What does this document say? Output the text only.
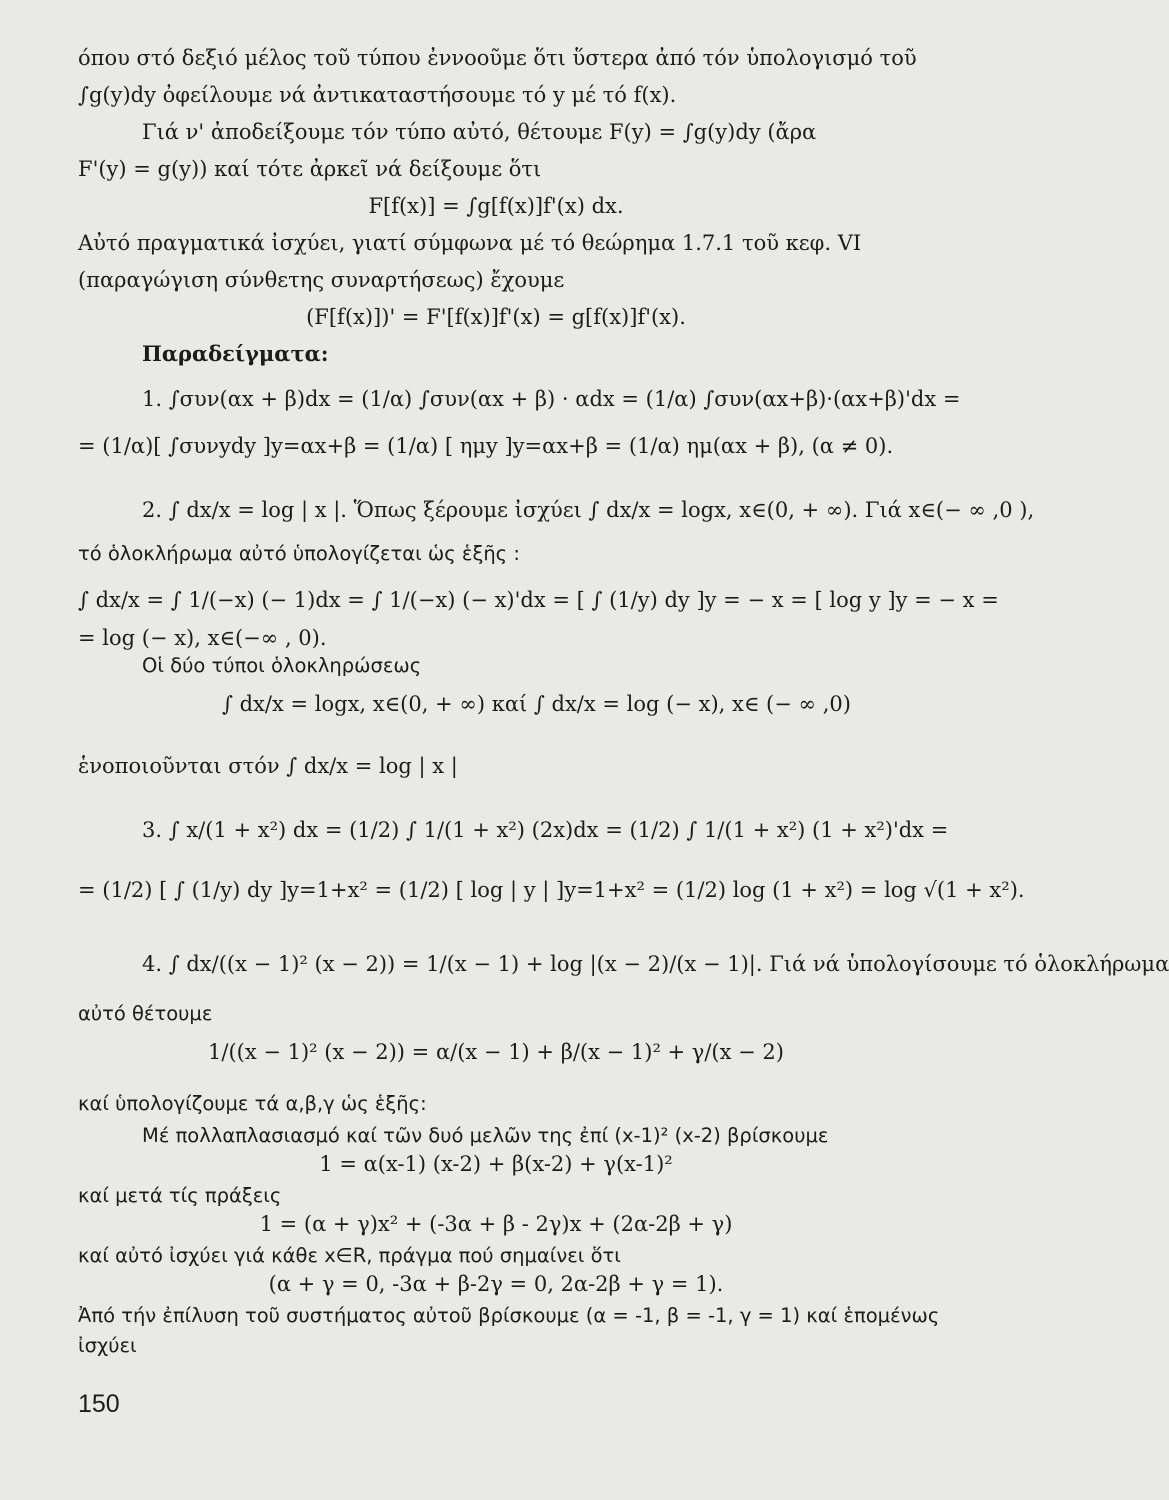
όπου στό δεξιό μέλος τοῦ τύπου ἐννοοῦμε ὅτι ὕστερα ἀπό τόν ὑπολογισμό τοῦ
∫g(y)dy ὀφείλουμε νά ἀντικαταστήσουμε τό y μέ τό f(x).
Γιά ν' ἀποδείξουμε τόν τύπο αὐτό, θέτουμε F(y) = ∫g(y)dy (ἄρα
F'(y) = g(y)) καί τότε ἀρκεῖ νά δείξουμε ὅτι
F[f(x)] = ∫g[f(x)]f'(x) dx.
Αὐτό πραγματικά ἰσχύει, γιατί σύμφωνα μέ τό θεώρημα 1.7.1 τοῦ κεφ. VI
(παραγώγιση σύνθετης συναρτήσεως) ἔχουμε
(F[f(x)])' = F'[f(x)]f'(x) = g[f(x)]f'(x).
Παραδείγματα:
1. ∫συν(αx + β)dx = (1/α) ∫συν(αx + β) · αdx = (1/α) ∫συν(αx+β)·(αx+β)'dx =
= (1/α)[ ∫συνydy ]y=αx+β = (1/α) [ ημy ]y=αx+β = (1/α) ημ(αx + β), (α ≠ 0).
2. ∫ dx/x = log | x |. Ὅπως ξέρουμε ἰσχύει ∫ dx/x = logx, x∈(0, + ∞). Γιά x∈(− ∞ ,0 ),
τό ὁλοκλήρωμα αὐτό ὑπολογίζεται ὡς ἑξῆς :
∫ dx/x = ∫ 1/(−x) (− 1)dx = ∫ 1/(−x) (− x)'dx = [ ∫ (1/y) dy ]y = − x = [ log y ]y = − x =
= log (− x), x∈(−∞ , 0).
Οἱ δύο τύποι ὁλοκληρώσεως
∫ dx/x = logx, x∈(0, + ∞) καί ∫ dx/x = log (− x), x∈ (− ∞ ,0)
ἑνοποιοῦνται στόν ∫ dx/x = log | x |
3. ∫ x/(1 + x²) dx = (1/2) ∫ 1/(1 + x²) (2x)dx = (1/2) ∫ 1/(1 + x²) (1 + x²)'dx =
= (1/2) [ ∫ (1/y) dy ]y=1+x² = (1/2) [ log | y | ]y=1+x² = (1/2) log (1 + x²) = log √(1 + x²).
4. ∫ dx/((x − 1)² (x − 2)) = 1/(x − 1) + log |(x − 2)/(x − 1)|. Γιά νά ὑπολογίσουμε τό ὁλοκλήρωμα
αὐτό θέτουμε
1/((x − 1)² (x − 2)) = α/(x − 1) + β/(x − 1)² + γ/(x − 2)
καί ὑπολογίζουμε τά α,β,γ ὡς ἑξῆς:
Μέ πολλαπλασιασμό καί τῶν δυό μελῶν της ἐπί (x-1)² (x-2) βρίσκουμε
1 = α(x-1) (x-2) + β(x-2) + γ(x-1)²
καί μετά τίς πράξεις
1 = (α + γ)x² + (-3α + β - 2γ)x + (2α-2β + γ)
καί αὐτό ἰσχύει γιά κάθε x∈R, πράγμα πού σημαίνει ὅτι
(α + γ = 0, -3α + β-2γ = 0, 2α-2β + γ = 1).
Ἀπό τήν ἐπίλυση τοῦ συστήματος αὐτοῦ βρίσκουμε (α = -1, β = -1, γ = 1) καί ἑπομένως
ἰσχύει
150
